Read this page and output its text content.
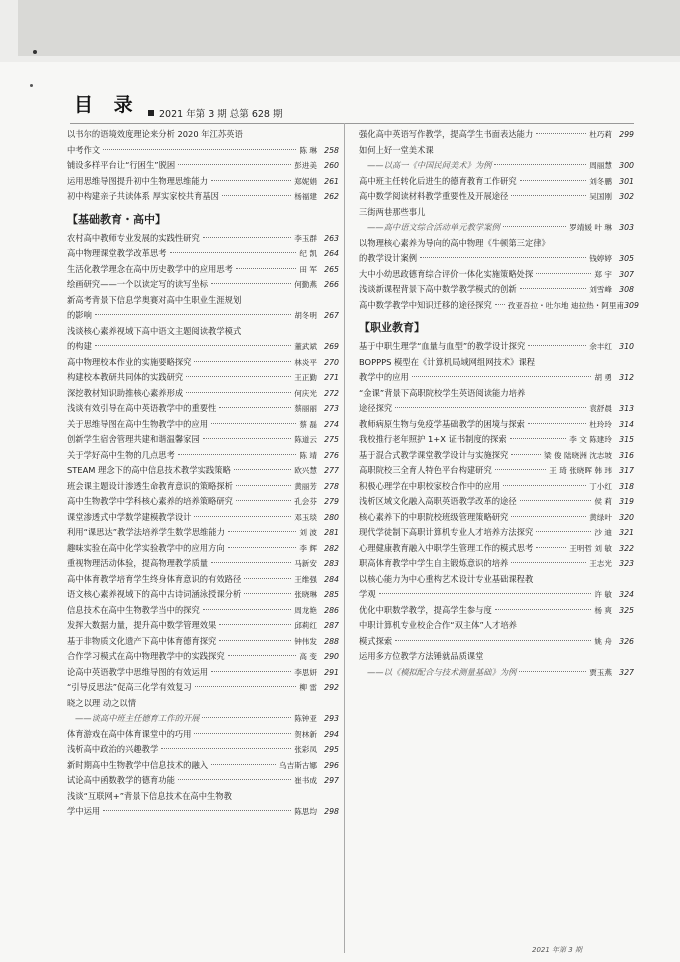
目 录	2021 年第 3 期 总第 628 期
以书尔的语境效度理论来分析 2020 年江苏英语
中考作文	陈 琳 258
铺设多样平台让“行困生”脱困	彭进美 260
运用思维导图提升初中生物理思维能力	郑妮娟 261
初中构建亲子共读体系 厚实家校共育基因	杨福建 262
【基础教育・高中】
农村高中教师专业发展的实践性研究	李玉群 263
高中物理课堂教学改革思考	纪 凯 264
生活化教学理念在高中历史教学中的应用思考	田 军 265
绘画研究——一个以读定写的读写坐标	何勤燕 266
新高考背景下信息学奥赛对高中生职业生涯规划
的影响	胡冬明 267
浅谈核心素养视域下高中语文主题阅读教学模式
的构建	董武斌 269
高中物理校本作业的实施要略探究	林炎平 270
构建校本教研共同体的实践研究	王正勤 271
深挖教材知识助推核心素养形成	何庆光 272
浅谈有效引导在高中英语教学中的重要性	蔡丽丽 273
关于思维导图在高中生物教学中的应用	蔡 磊 274
创新学生宿舍管理共建和谐温馨家园	陈道云 275
关于学好高中生物的几点思考	陈 靖 276
STEAM 理念下的高中信息技术教学实践策略	欧兴慧 277
班会课主题设计渗透生命教育意识的策略探析	黄丽芳 278
高中生物教学中学科核心素养的培养策略研究	孔会芬 279
课堂渗透式中学数学建模教学设计	邓玉琰 280
利用“课思达”教学法培养学生数学思维能力	刘 波 281
趣味实验在高中化学实验教学中的应用方向	李 辉 282
重视物理活动体验，提高物理教学质量	马新安 283
高中体育教学培育学生终身体育意识的有效路径	王维强 284
语文核心素养视域下的高中古诗词涵泳授课分析	张晓琳 285
信息技术在高中生物教学当中的探究	周龙艳 286
发挥大数据力量，提升高中数学管理效果	邱莉红 287
基于非物质文化遗产下高中体育德育探究	钟伟发 288
合作学习模式在高中物理教学中的实践探究	高 变 290
论高中英语教学中思维导图的有效运用	李思妍 291
“引导反思法”促高三化学有效复习	柳 雷 292
晓之以理 动之以情
——谈高中班主任德育工作的开展	陈钟亚 293
体育游戏在高中体育课堂中的巧用	贺林新 294
浅析高中政治的兴趣教学	张彩凤 295
新时期高中生物教学中信息技术的融入	乌吉斯古娜 296
试论高中函数教学的德育功能	崔书成 297
浅谈“互联网+”背景下信息技术在高中生物教
学中运用	陈思均 298
强化高中英语写作教学，提高学生书面表达能力	杜巧莉 299
如何上好一堂美术课
——以高一《中国民间美术》为例	周丽慧 300
高中班主任转化后进生的德育教育工作研究	刘冬鹏 301
高中数学阅读材料教学重要性及开展途径	吴国刚 302
三街两巷那些事儿
——高中语文综合活动单元教学案例	罗靖媛 叶 琳 303
以物理核心素养为导向的高中物理《牛顿第三定律》
的教学设计案例	钱婷婷 305
大中小幼思政德育综合评价一体化实施策略处探	郑 宇 307
浅谈新课程背景下高中数学教学模式的创新	刘雪峰 308
高中数学教学中知识迁移的途径探究 孜亚吾拉・吐尔地 迪拉热・阿里甫 309
【职业教育】
基于中职生理学“血量与血型”的教学设计探究	余丰红 310
BOPPPS 模型在《计算机局域网组网技术》课程
教学中的应用	胡 勇 312
“金课”背景下高职院校学生英语阅读能力培养
途径探究	袁舒晨 313
教师病原生物与免疫学基础教学的困境与探索	杜玲玲 314
我校推行老年照护 1+X 证书制度的探索	李 文 陈建玲 315
基于混合式教学课堂教学设计与实施探究	梁 俊 陆晓洲 沈志坡 316
高职院校三全育人特色平台构建研究	王 琦 张晓晖 韩 玮 317
积极心理学在中职校家校合作中的应用	丁小红 318
浅析区域文化融入高职英语教学改革的途径	侯 莉 319
核心素养下的中职院校班级管理策略研究	黄绿叶 320
现代学徒制下高职计算机专业人才培养方法探究	沙 迪 321
心理健康教育融入中职学生管理工作的模式思考	王明哲 刘 敏 322
职高体育教学中学生自主锻炼意识的培养	王志光 323
以核心能力为中心重构艺术设计专业基础课程教
学观	许 敏 324
优化中职数学教学，提高学生参与度	杨 爽 325
中职计算机专业校企合作“双主体”人才培养
模式探索	姚 舟 326
运用多方位教学方法锤就品质课堂
——以《模拟配合与技术测量基础》为例	贾玉燕 327
2021 年第 3 期
